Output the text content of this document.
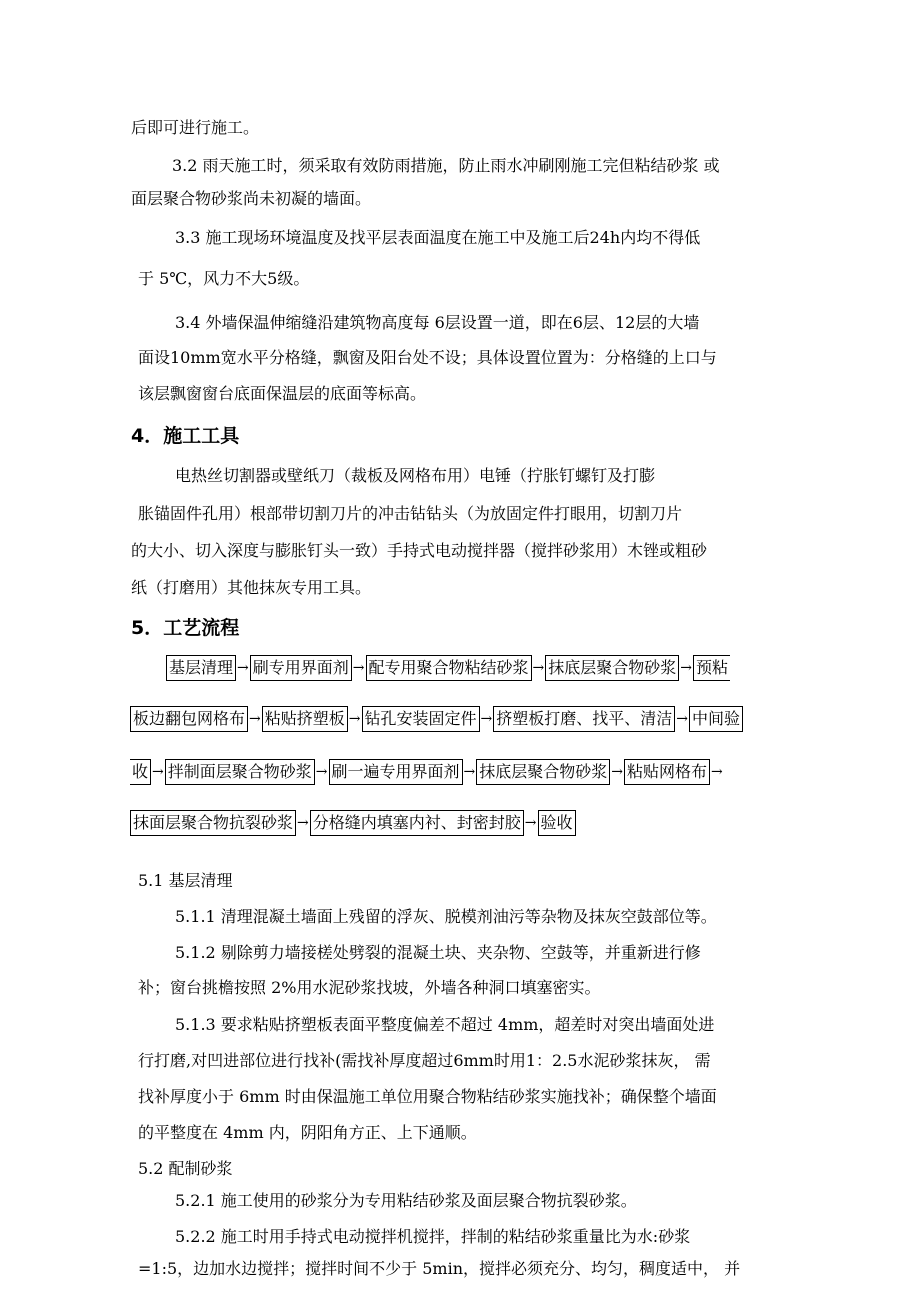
后即可进行施工。
3.2 雨天施工时，须采取有效防雨措施，防止雨水冲刷刚施工完但粘结砂浆 或
面层聚合物砂浆尚未初凝的墙面。
3.3 施工现场环境温度及找平层表面温度在施工中及施工后24h内均不得低
于 5℃，风力不大5级。
3.4 外墙保温伸缩缝沿建筑物高度每 6层设置一道，即在6层、12层的大墙
面设10mm宽水平分格缝，飘窗及阳台处不设；具体设置位置为：分格缝的上口与
该层飘窗窗台底面保温层的底面等标高。
4．施工工具
电热丝切割器或壁纸刀（裁板及网格布用）电锤（拧胀钉螺钉及打膨
胀锚固件孔用）根部带切割刀片的冲击钻钻头（为放固定件打眼用，切割刀片
的大小、切入深度与膨胀钉头一致）手持式电动搅拌器（搅拌砂浆用）木锉或粗砂
纸（打磨用）其他抹灰专用工具。
5．工艺流程
基层清理 → 刷专用界面剂 → 配专用聚合物粘结砂浆 → 抹底层聚合物砂浆 → 预粘
板边翻包网格布 → 粘贴挤塑板 → 钻孔安装固定件 → 挤塑板打磨、找平、清洁 → 中间验
收 → 拌制面层聚合物砂浆 → 刷一遍专用界面剂 → 抹底层聚合物砂浆 → 粘贴网格布 →
抹面层聚合物抗裂砂浆 → 分格缝内填塞内衬、封密封胶 → 验收
5.1 基层清理
5.1.1 清理混凝土墙面上残留的浮灰、脱模剂油污等杂物及抹灰空鼓部位等。
5.1.2 剔除剪力墙接槎处劈裂的混凝土块、夹杂物、空鼓等，并重新进行修
补；窗台挑檐按照 2%用水泥砂浆找坡，外墙各种洞口填塞密实。
5.1.3 要求粘贴挤塑板表面平整度偏差不超过 4mm，超差时对突出墙面处进
行打磨,对凹进部位进行找补(需找补厚度超过6mm时用1：2.5水泥砂浆抹灰， 需
找补厚度小于 6mm 时由保温施工单位用聚合物粘结砂浆实施找补；确保整个墙面
的平整度在 4mm 内，阴阳角方正、上下通顺。
5.2 配制砂浆
5.2.1 施工使用的砂浆分为专用粘结砂浆及面层聚合物抗裂砂浆。
5.2.2 施工时用手持式电动搅拌机搅拌，拌制的粘结砂浆重量比为水:砂浆
=1:5，边加水边搅拌；搅拌时间不少于 5min，搅拌必须充分、均匀，稠度适中， 并
